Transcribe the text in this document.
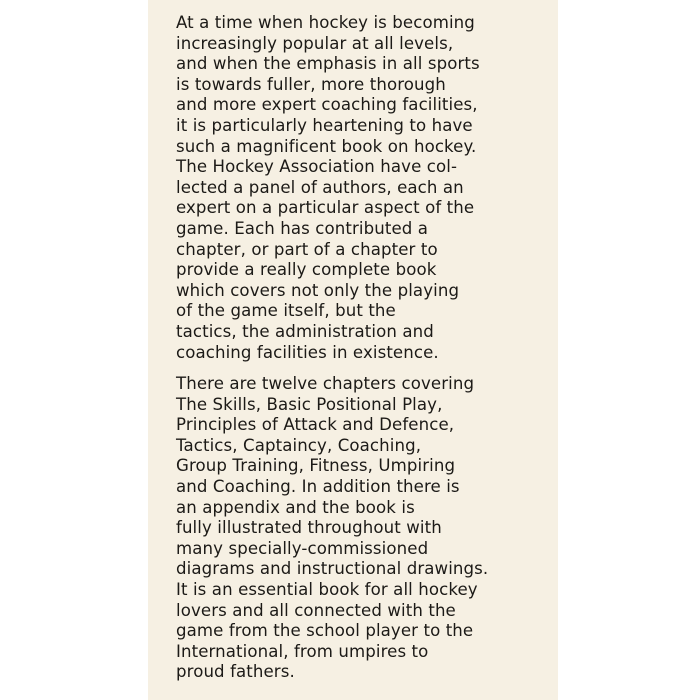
At a time when hockey is becoming
increasingly popular at all levels,
and when the emphasis in all sports
is towards fuller, more thorough
and more expert coaching facilities,
it is particularly heartening to have
such a magnificent book on hockey.
The Hockey Association have col-
lected a panel of authors, each an
expert on a particular aspect of the
game. Each has contributed a
chapter, or part of a chapter to
provide a really complete book
which covers not only the playing
of the game itself, but the
tactics, the administration and
coaching facilities in existence.
There are twelve chapters covering
The Skills, Basic Positional Play,
Principles of Attack and Defence,
Tactics, Captaincy, Coaching,
Group Training, Fitness, Umpiring
and Coaching. In addition there is
an appendix and the book is
fully illustrated throughout with
many specially-commissioned
diagrams and instructional drawings.
It is an essential book for all hockey
lovers and all connected with the
game from the school player to the
International, from umpires to
proud fathers.
